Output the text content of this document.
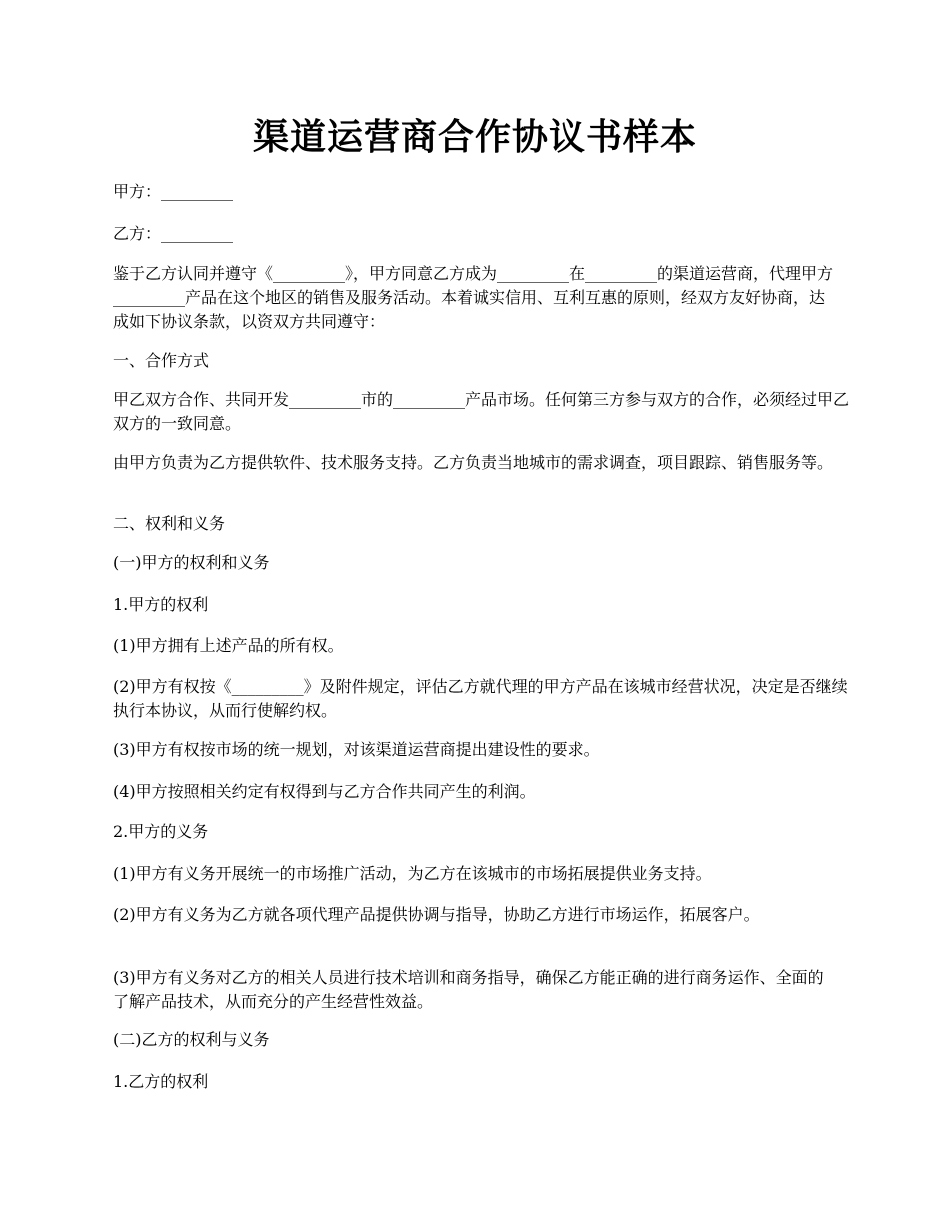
渠道运营商合作协议书样本

甲方：_________

乙方：_________

鉴于乙方认同并遵守《_________》，甲方同意乙方成为_________在_________的渠道运营商，代理甲方_________产品在这个地区的销售及服务活动。本着诚实信用、互利互惠的原则，经双方友好协商，达成如下协议条款，以资双方共同遵守：

一、合作方式

甲乙双方合作、共同开发_________市的_________产品市场。任何第三方参与双方的合作，必须经过甲乙双方的一致同意。

由甲方负责为乙方提供软件、技术服务支持。乙方负责当地城市的需求调查，项目跟踪、销售服务等。

二、权利和义务

(一)甲方的权利和义务

1.甲方的权利

(1)甲方拥有上述产品的所有权。

(2)甲方有权按《_________》及附件规定，评估乙方就代理的甲方产品在该城市经营状况，决定是否继续执行本协议，从而行使解约权。

(3)甲方有权按市场的统一规划，对该渠道运营商提出建设性的要求。

(4)甲方按照相关约定有权得到与乙方合作共同产生的利润。

2.甲方的义务

(1)甲方有义务开展统一的市场推广活动，为乙方在该城市的市场拓展提供业务支持。

(2)甲方有义务为乙方就各项代理产品提供协调与指导，协助乙方进行市场运作，拓展客户。

(3)甲方有义务对乙方的相关人员进行技术培训和商务指导，确保乙方能正确的进行商务运作、全面的了解产品技术，从而充分的产生经营性效益。

(二)乙方的权利与义务

1.乙方的权利
